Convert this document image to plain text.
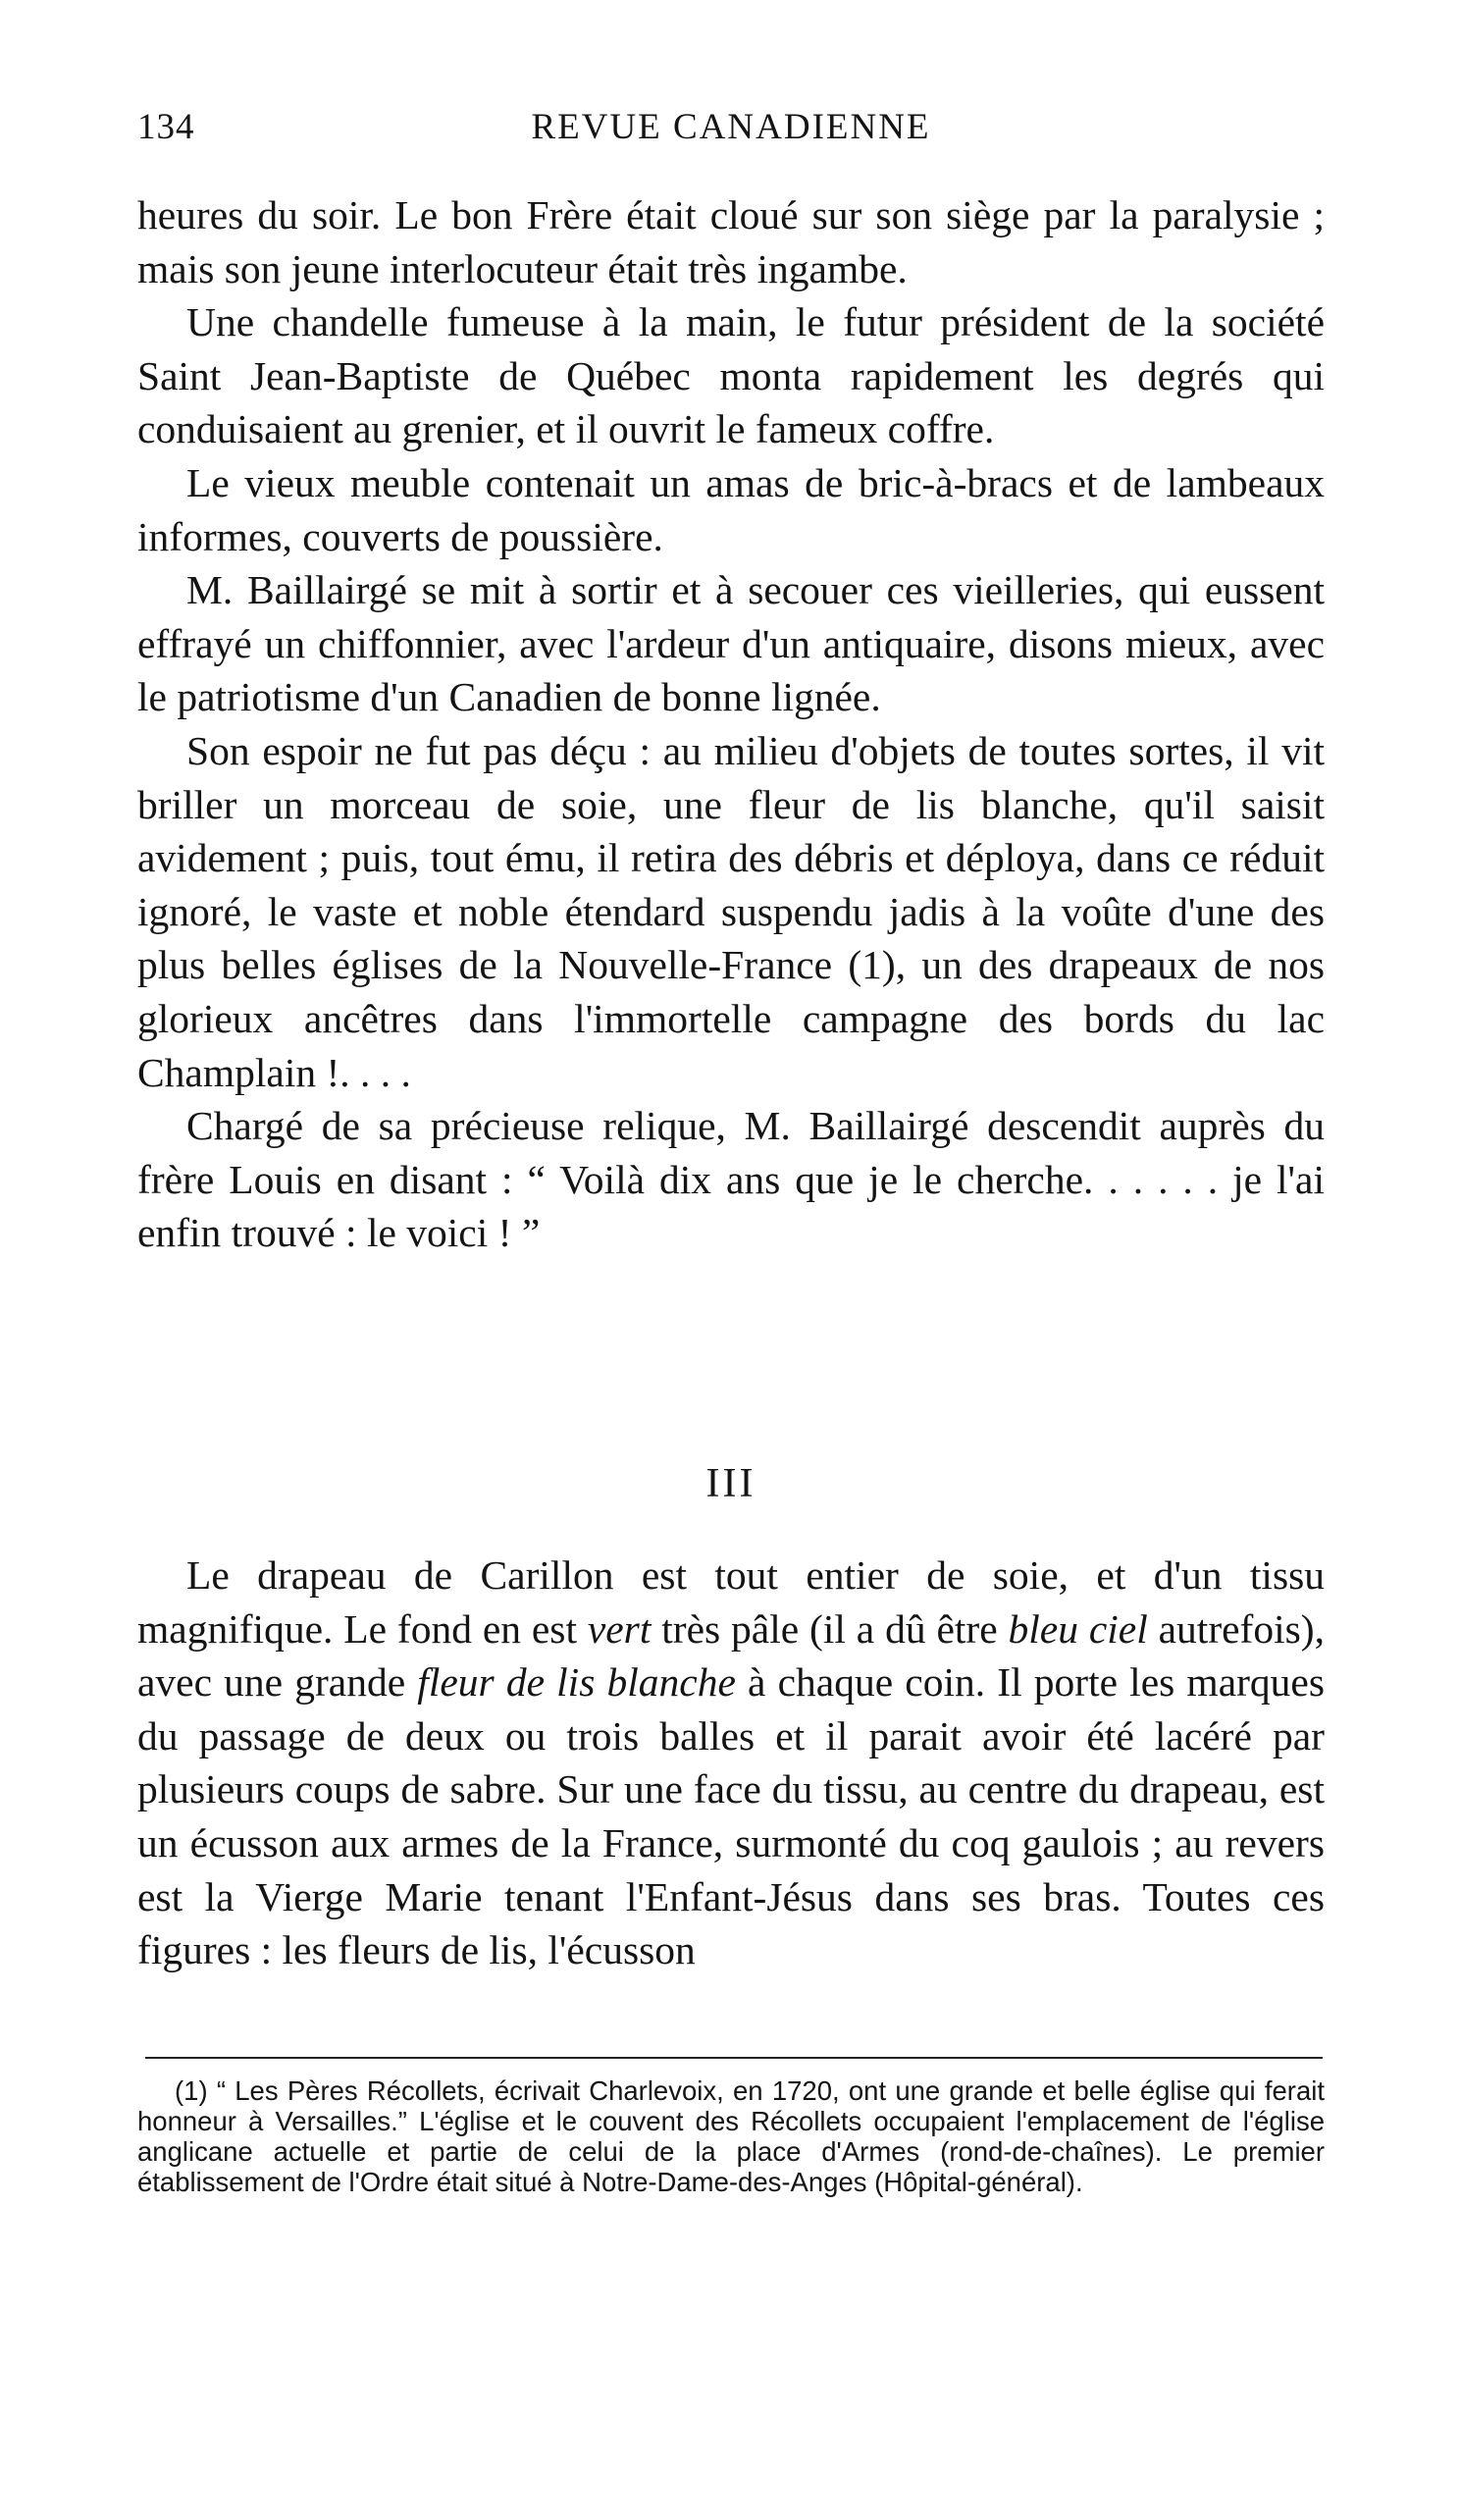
134	REVUE CANADIENNE

heures du soir. Le bon Frère était cloué sur son siège par la paralysie ; mais son jeune interlocuteur était très ingambe.

Une chandelle fumeuse à la main, le futur président de la société Saint Jean-Baptiste de Québec monta rapidement les degrés qui conduisaient au grenier, et il ouvrit le fameux coffre.

Le vieux meuble contenait un amas de bric-à-bracs et de lambeaux informes, couverts de poussière.

M. Baillairgé se mit à sortir et à secouer ces vieilleries, qui eussent effrayé un chiffonnier, avec l'ardeur d'un antiquaire, disons mieux, avec le patriotisme d'un Canadien de bonne lignée.

Son espoir ne fut pas déçu : au milieu d'objets de toutes sortes, il vit briller un morceau de soie, une fleur de lis blanche, qu'il saisit avidement ; puis, tout ému, il retira des débris et déploya, dans ce réduit ignoré, le vaste et noble étendard suspendu jadis à la voûte d'une des plus belles églises de la Nouvelle-France (1), un des drapeaux de nos glorieux ancêtres dans l'immortelle campagne des bords du lac Champlain !. . . .

Chargé de sa précieuse relique, M. Baillairgé descendit auprès du frère Louis en disant : “ Voilà dix ans que je le cherche. . . . . . je l'ai enfin trouvé : le voici ! ”

III

Le drapeau de Carillon est tout entier de soie, et d'un tissu magnifique. Le fond en est vert très pâle (il a dû être bleu ciel autrefois), avec une grande fleur de lis blanche à chaque coin. Il porte les marques du passage de deux ou trois balles et il parait avoir été lacéré par plusieurs coups de sabre. Sur une face du tissu, au centre du drapeau, est un écusson aux armes de la France, surmonté du coq gaulois ; au revers est la Vierge Marie tenant l'Enfant-Jésus dans ses bras. Toutes ces figures : les fleurs de lis, l'écusson

(1) “ Les Pères Récollets, écrivait Charlevoix, en 1720, ont une grande et belle église qui ferait honneur à Versailles.” L'église et le couvent des Récollets occupaient l'emplacement de l'église anglicane actuelle et partie de celui de la place d'Armes (rond-de-chaînes). Le premier établissement de l'Ordre était situé à Notre-Dame-des-Anges (Hôpital-général).
